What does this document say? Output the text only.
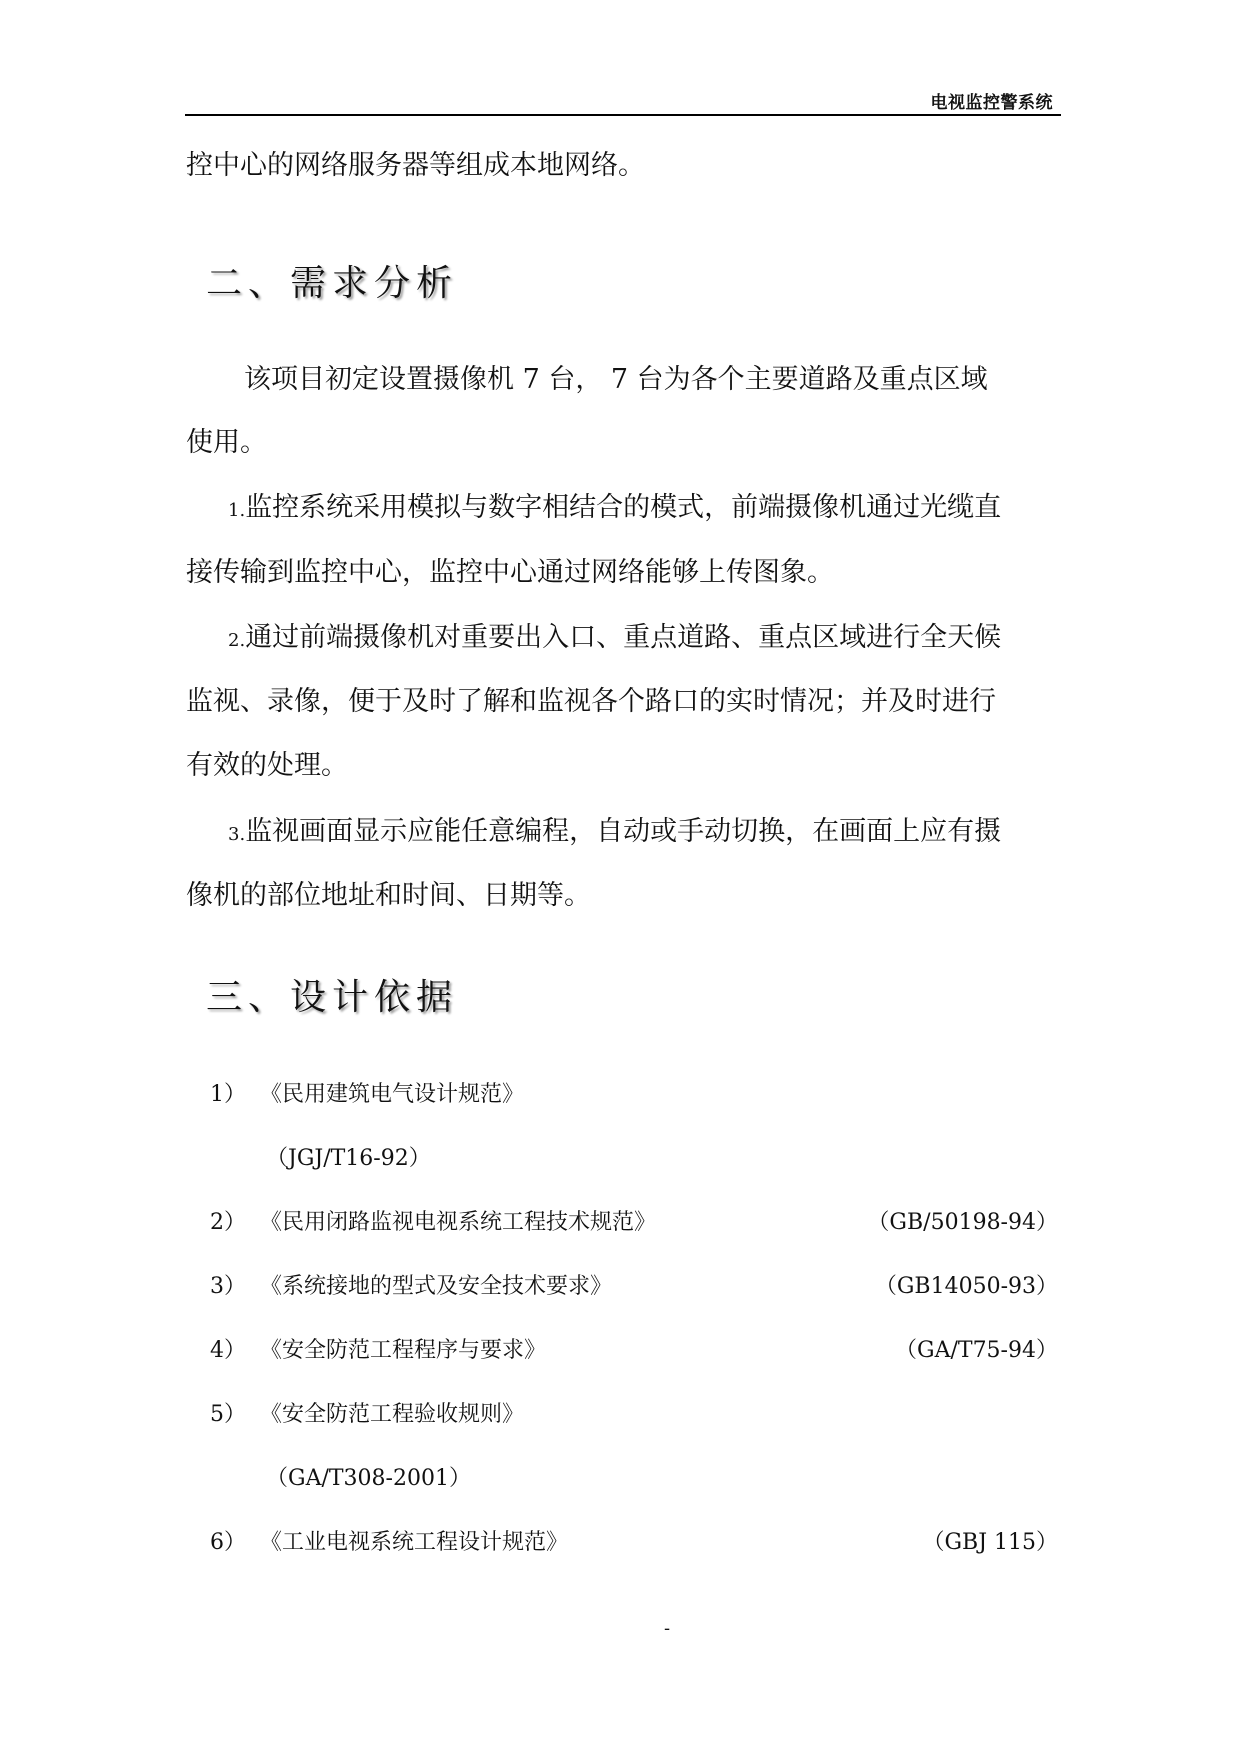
电视监控警系统
控中心的网络服务器等组成本地网络。
二、需求分析
该项目初定设置摄像机 7 台， 7 台为各个主要道路及重点区域
使用。
1.监控系统采用模拟与数字相结合的模式，前端摄像机通过光缆直
接传输到监控中心，监控中心通过网络能够上传图象。
2.通过前端摄像机对重要出入口、重点道路、重点区域进行全天候
监视、录像，便于及时了解和监视各个路口的实时情况；并及时进行
有效的处理。
3.监视画面显示应能任意编程，自动或手动切换，在画面上应有摄
像机的部位地址和时间、日期等。
三、设计依据
1） 《民用建筑电气设计规范》
（JGJ/T16-92）
2） 《民用闭路监视电视系统工程技术规范》	（GB/50198-94）
3） 《系统接地的型式及安全技术要求》	（GB14050-93）
4） 《安全防范工程程序与要求》	（GA/T75-94）
5） 《安全防范工程验收规则》
（GA/T308-2001）
6） 《工业电视系统工程设计规范》	（GBJ 115）
-
